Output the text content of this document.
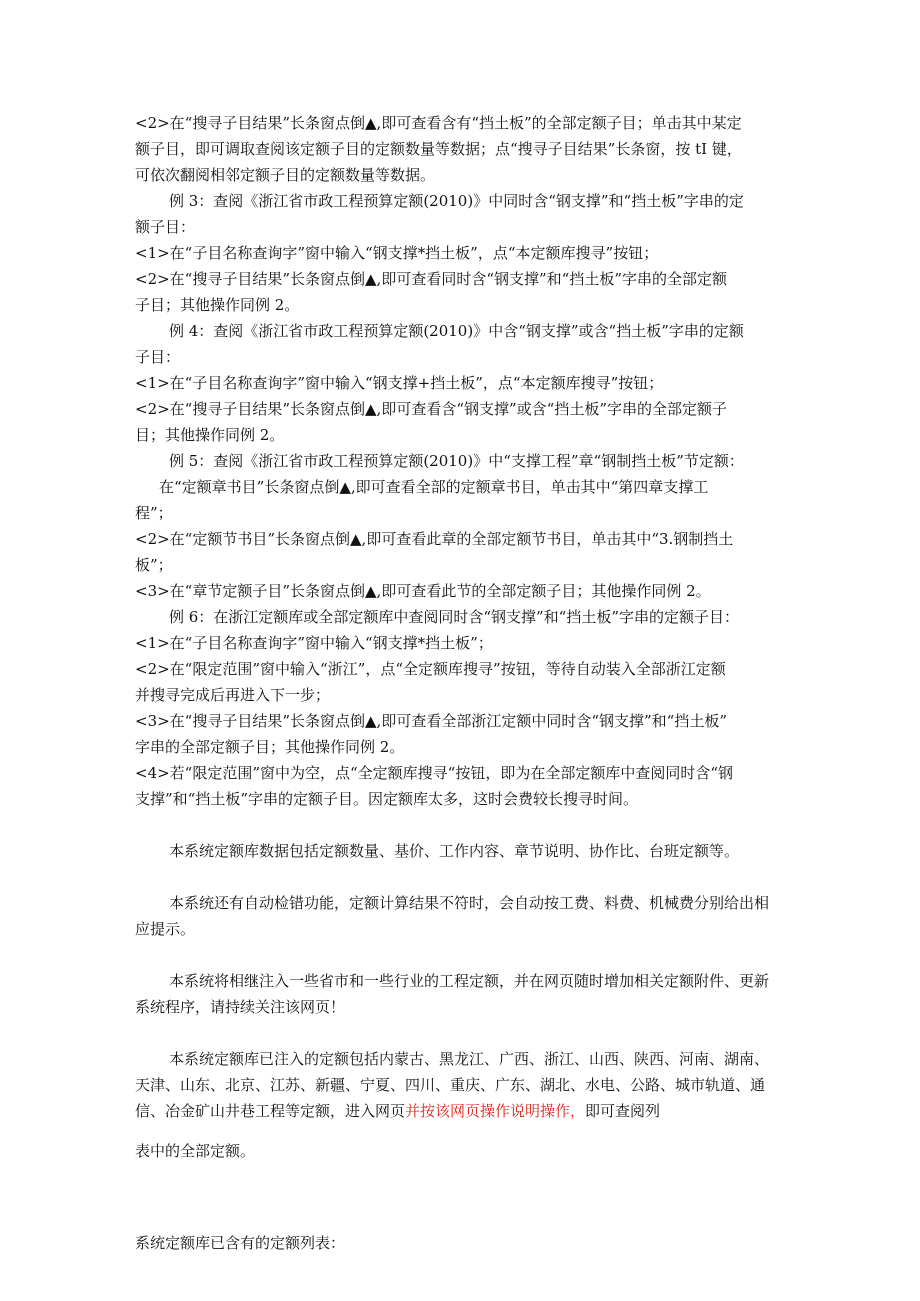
<2>在“搜寻子目结果”长条窗点倒▲,即可查看含有“挡土板”的全部定额子目；单击其中某定
额子目，即可调取查阅该定额子目的定额数量等数据；点“搜寻子目结果”长条窗，按 tI 键，
可依次翻阅相邻定额子目的定额数量等数据。
例 3：查阅《浙江省市政工程预算定额(2010)》中同时含“钢支撑”和“挡土板”字串的定
额子目：
<1>在“子目名称查询字”窗中输入“钢支撑*挡土板”，点“本定额库搜寻”按钮；
<2>在“搜寻子目结果”长条窗点倒▲,即可查看同时含“钢支撑”和“挡土板”字串的全部定额
子目；其他操作同例 2。
例 4：查阅《浙江省市政工程预算定额(2010)》中含“钢支撑”或含“挡土板”字串的定额
子目：
<1>在“子目名称查询字”窗中输入“钢支撑+挡土板”，点“本定额库搜寻”按钮；
<2>在“搜寻子目结果”长条窗点倒▲,即可查看含“钢支撑”或含“挡土板”字串的全部定额子
目；其他操作同例 2。
例 5：查阅《浙江省市政工程预算定额(2010)》中“支撑工程”章“钢制挡土板”节定额：
在“定额章书目”长条窗点倒▲,即可查看全部的定额章书目，单击其中“第四章支撑工
程”；
<2>在“定额节书目”长条窗点倒▲,即可查看此章的全部定额节书目，单击其中“3.钢制挡土
板”；
<3>在“章节定额子目”长条窗点倒▲,即可查看此节的全部定额子目；其他操作同例 2。
例 6：在浙江定额库或全部定额库中查阅同时含“钢支撑”和“挡土板”字串的定额子目：
<1>在“子目名称查询字”窗中输入“钢支撑*挡土板”；
<2>在“限定范围”窗中输入“浙江”，点“全定额库搜寻”按钮，等待自动装入全部浙江定额
并搜寻完成后再进入下一步；
<3>在“搜寻子目结果”长条窗点倒▲,即可查看全部浙江定额中同时含“钢支撑”和“挡土板”
字串的全部定额子目；其他操作同例 2。
<4>若“限定范围”窗中为空，点“全定额库搜寻“按钮，即为在全部定额库中查阅同时含“钢
支撑”和“挡土板”字串的定额子目。因定额库太多，这时会费较长搜寻时间。
本系统定额库数据包括定额数量、基价、工作内容、章节说明、协作比、台班定额等。
本系统还有自动检错功能，定额计算结果不符时，会自动按工费、料费、机械费分别给出相
应提示。
本系统将相继注入一些省市和一些行业的工程定额，并在网页随时增加相关定额附件、更新
系统程序，请持续关注该网页！
本系统定额库已注入的定额包括内蒙古、黑龙江、广西、浙江、山西、陕西、河南、湖南、
天津、山东、北京、江苏、新疆、宁夏、四川、重庆、广东、湖北、水电、公路、城市轨道、通
信、冶金矿山井巷工程等定额，进入网页并按该网页操作说明操作，即可查阅列
表中的全部定额。
系统定额库已含有的定额列表：
